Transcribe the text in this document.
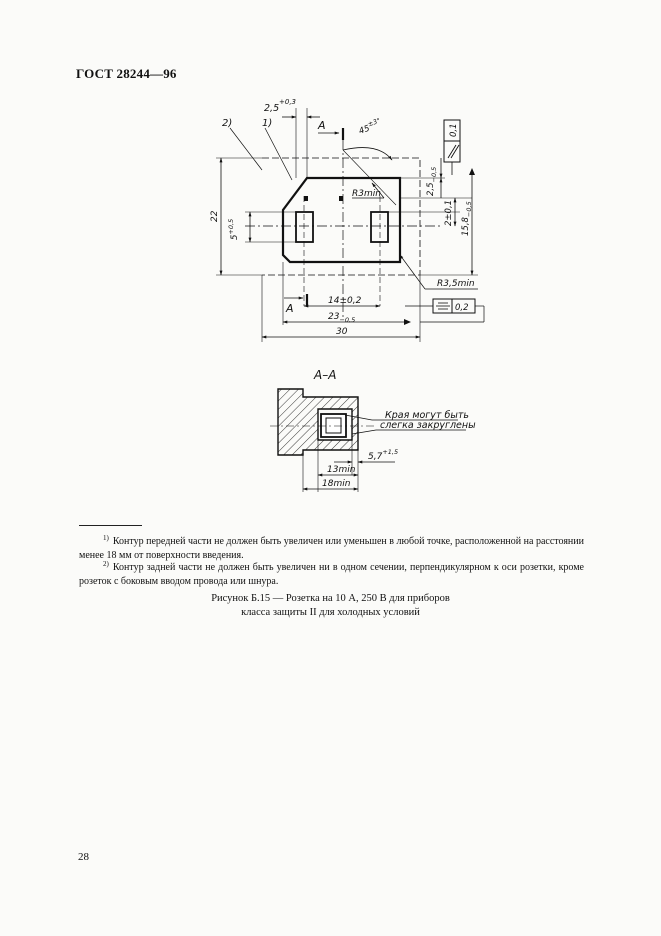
ГОСТ 28244—96
2)	1)
2,5
+0,3
A
A
$45^{\pm 3^\circ}$
0,1
R3min	$2,5_{-0,5}$
2±0,1
$15,8_{-0,5}$
22
$5^{+0,5}$
R3,5min
0,2
14±0,2
$23_{-0,5}$
30
A–A
Края могут быть
слегка закруглены
$5,7^{+1,5}$
13min
18min
$^{1)}$ Контур передней части не должен быть увеличен или уменьшен в любой точке, расположенной на расстоянии менее 18 мм от поверхности введения.
$^{2)}$ Контур задней части не должен быть увеличен ни в одном сечении, перпендикулярном к оси розетки, кроме розеток с боковым вводом провода или шнура.
Рисунок Б.15 — Розетка на 10 А, 250 В для приборов
класса защиты II для холодных условий
28
